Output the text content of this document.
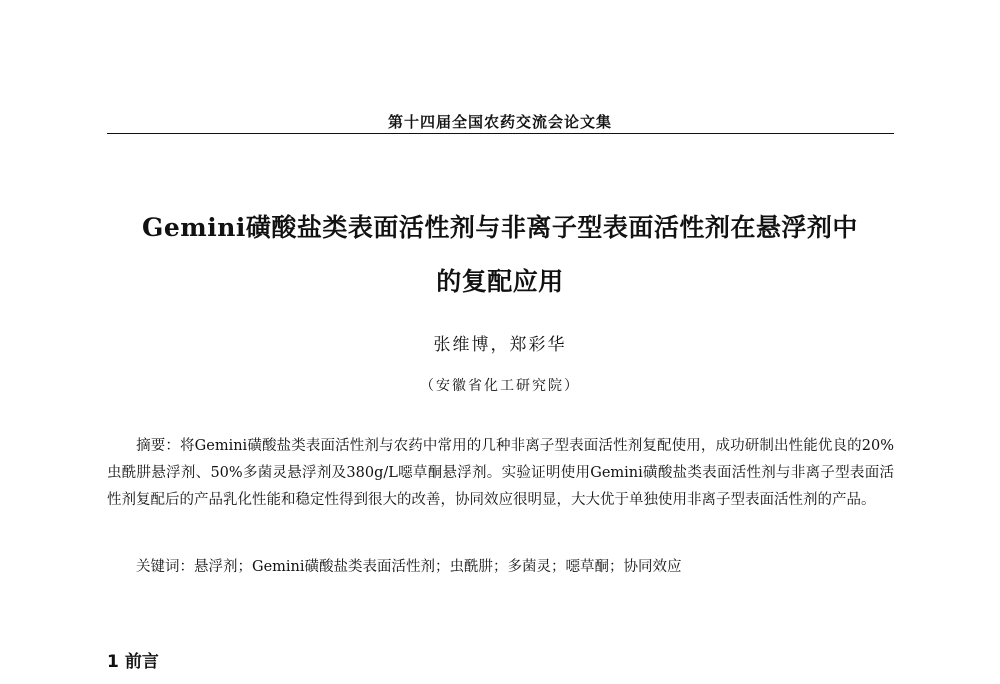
第十四届全国农药交流会论文集
Gemini磺酸盐类表面活性剂与非离子型表面活性剂在悬浮剂中
的复配应用
张维博，郑彩华
（安徽省化工研究院）

摘要：将Gemini磺酸盐类表面活性剂与农药中常用的几种非离子型表面活性剂复配使用，成功研制出性能优良的20%虫酰肼悬浮剂、50%多菌灵悬浮剂及380g/L噁草酮悬浮剂。实验证明使用Gemini磺酸盐类表面活性剂与非离子型表面活性剂复配后的产品乳化性能和稳定性得到很大的改善，协同效应很明显，大大优于单独使用非离子型表面活性剂的产品。

关键词：悬浮剂；Gemini磺酸盐类表面活性剂；虫酰肼；多菌灵；噁草酮；协同效应

1 前言
